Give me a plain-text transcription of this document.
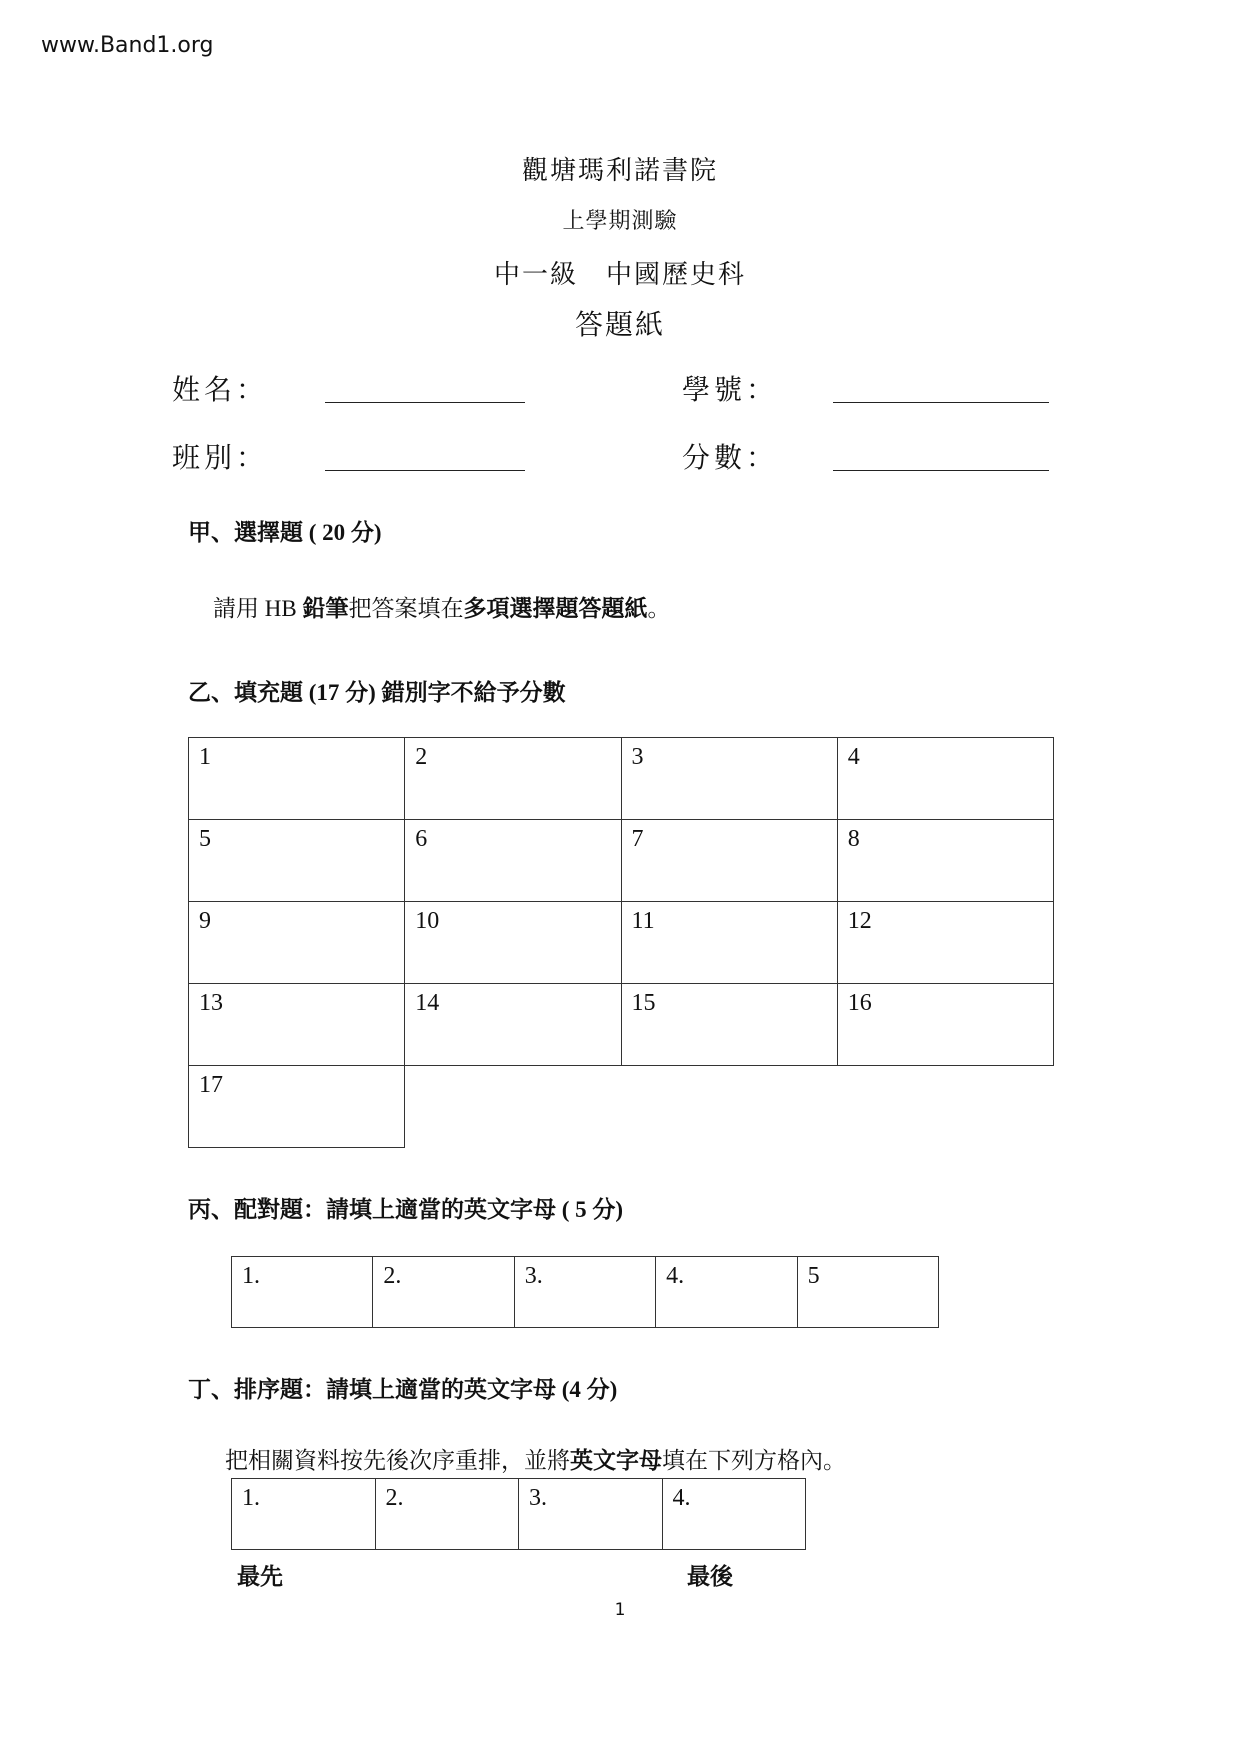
www.Band1.org
觀塘瑪利諾書院
上學期測驗
中一級　中國歷史科
答題紙
姓名：	學號：
班別：	分數：
甲、選擇題 ( 20 分)
請用 HB 鉛筆把答案填在多項選擇題答題紙。
乙、填充題 (17 分) 錯別字不給予分數
1	2	3	4
5	6	7	8
9	10	11	12
13	14	15	16
17			
丙、配對題：請填上適當的英文字母 ( 5 分)
1.	2.	3.	4.	5
丁、排序題：請填上適當的英文字母 (4 分)
把相關資料按先後次序重排，並將英文字母填在下列方格內。
1.	2.	3.	4.
最先	最後
1
